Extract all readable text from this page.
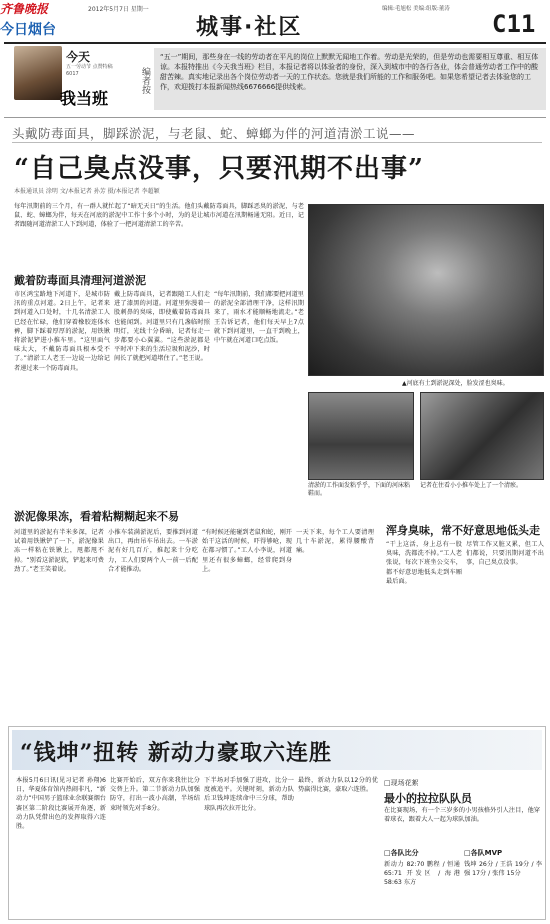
齐鲁晚报
今日烟台
2012年5月7日 星期一
城事·社区
编辑:毛旭松 美编:组版:董涛
C11
今天
五一劳动节 点赞特稿 6017
我当班
编者按
“五一”期间，那些身在一线的劳动者在平凡的岗位上默默无闻地工作着。劳动是光荣的，但是劳动也需要相互尊重、相互体谅。本报特推出《今天我当班》栏目，本报记者将以体验者的身份，深入到城市中的各行各业，体会普通劳动者工作中的酸甜苦辣。真实地记录出各个岗位劳动者一天的工作状态。您就是我们所能的工作和服务吧。如果您希望记者去体验您的工作，欢迎拨打本报新闻热线6676666提供线索。
头戴防毒面具，脚踩淤泥，与老鼠、蛇、蟑螂为伴的河道清淤工说——
“自己臭点没事，只要汛期不出事”
本报通讯员 涂明 文/本报记者 孙芳 摄/本报记者 李超颖
每年汛期前的三个月，有一群人就忙起了“暗无天日”的生活。他们头戴防毒面具，脚踩恶臭的淤泥，与老鼠、蛇、蟑螂为伴，每天在河底的淤泥中工作十多个小时，为的是让城市河道在汛期畅通无阻。近日，记者跟随河道清淤工人下到河道，体验了一把河道清淤工的辛苦。
▲河底有土到淤泥深处，脸发涩也臭味。
清淤的工作面发粘乎乎，下面的河床粘鞋而。
记者在住看小小推车处上了一个清瘀。
戴着防毒面具清理河道淤泥
市区鸿宝路地下河道下，是城市防汛的重点河道。2日上午，记者来到河道入口处时，十几名清淤工人已经在忙碌，他们穿着橡胶连体水裤，脚下踩着厚厚的淤泥，用铁锹将淤泥铲进小推车里。“这里面气味太大，不戴防毒面具根本受不了。”清淤工人老王一边说一边给记者递过来一个防毒面具。
戴上防毒面具，记者跟随工人们走进了漆黑的河道。河道里弥漫着一股刺鼻的臭味，即使戴着防毒面具也能闻到。河道里只有几盏临时照明灯，光线十分昏暗，记者每走一步都要小心翼翼。“这些淤泥都是平时冲下来的生活垃圾和泥沙，时间长了就把河道堵住了。”老王说。
“每年汛期前，我们都要把河道里的淤泥全部清理干净，这样汛期来了，雨水才能顺畅地流走。”老王告诉记者，他们每天早上7点就下到河道里，一直干到晚上，中午就在河道口吃点饭。
淤泥像果冻，看着粘糊糊起来不易
浑身臭味，常不好意思地低头走
河道里的淤泥有半米多深，记者试着用铁锹铲了一下，淤泥像果冻一样粘在铁锹上，甩都甩不掉。“别看这淤泥软，铲起来可费劲了。”老王笑着说。
小推车装满淤泥后，要推到河道出口，再由吊车吊出去。一车淤泥有好几百斤，推起来十分吃力，工人们要两个人一前一后配合才能推动。
“有时候还能碰到老鼠和蛇，刚开始干这活的时候，吓得够呛，现在都习惯了。”工人小李说，河道里还有很多蟑螂，经常爬到身上。
一天下来，每个工人要清理几十车淤泥，累得腰酸背痛。
“干上这活，身上总有一股臭味，洗都洗不掉。”工人老张说，每次下班坐公交车，都不好意思地低头走到车厢最后面。
尽管工作又脏又累，但工人们都说，只要汛期河道不出事，自己臭点没事。
“钱坤”扭转 新动力豪取六连胜
本报5月6日讯(见习记者 孙翔)6日，华夏体育馆内热闹非凡，“新动力”中国男子篮球业余联赛烟台赛区第二阶段比赛展开角逐，新动力队凭借出色的发挥取得六连胜。
比赛开始后，双方你来我往比分交替上升。第二节新动力队加强防守，打出一波小高潮，半场结束时领先对手8分。
下半场对手加强了进攻，比分一度被追平。关键时刻，新动力队后卫钱坤连续命中三分球，帮助球队再次拉开比分。
最终，新动力队以12分的优势赢得比赛，豪取六连胜。
□现场花絮
最小的拉拉队队员
在比赛现场，有一个三岁多的小男孩格外引人注目，他穿着球衣，跟着大人一起为球队加油。
□各队比分	□各队MVP
新动力 82:70 鹏程 / 恒通 65:71 开发区 / 海港 58:63 东方
钱坤 26分 / 王浩 19分 / 李强 17分 / 张伟 15分
